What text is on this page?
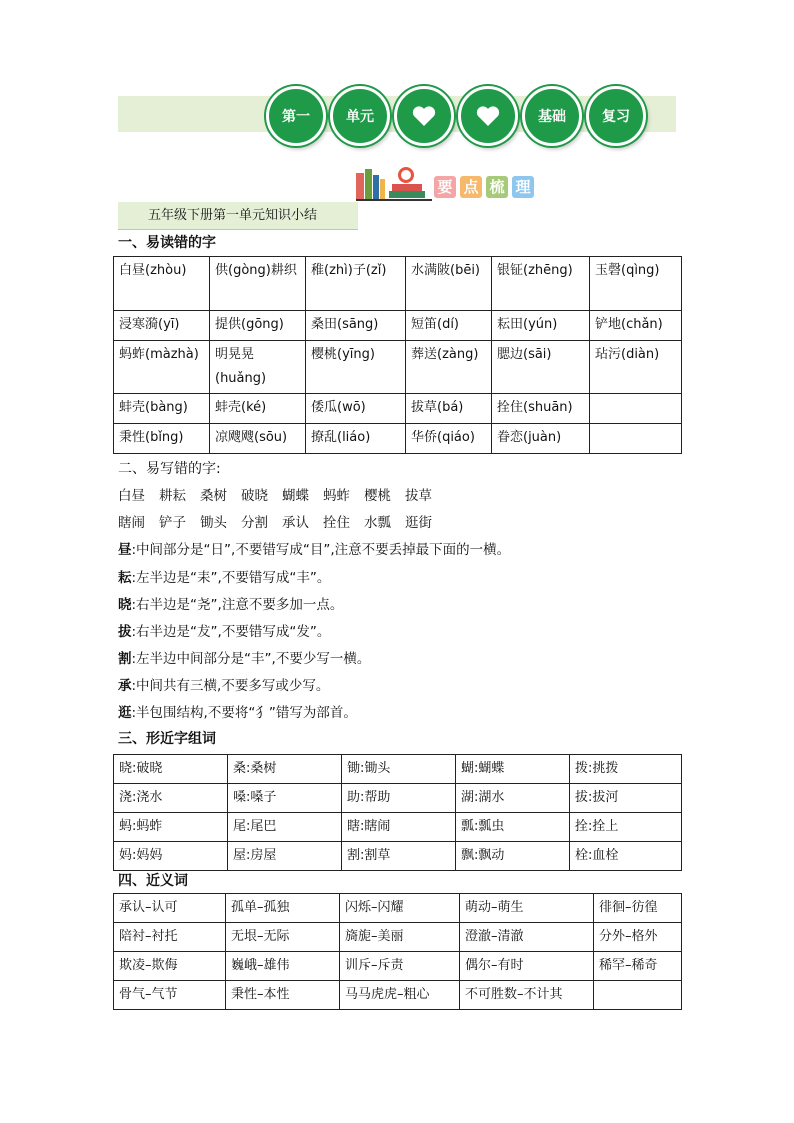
第一	单元	基础	复习
要 点 梳 理
五年级下册第一单元知识小结
一、易读错的字
白昼(zhòu)	供(gòng)耕织	稚(zhì)子(zǐ)	水满陂(bēi)	银钲(zhēng)	玉磬(qìng)
浸寒漪(yī)	提供(gōng)	桑田(sāng)	短笛(dí)	耘田(yún)	铲地(chǎn)
蚂蚱(màzhà)	明晃晃(huǎng)	樱桃(yīng)	葬送(zàng)	腮边(sāi)	玷污(diàn)
蚌壳(bàng)	蚌壳(ké)	倭瓜(wō)	拔草(bá)	拴住(shuān)	
秉性(bǐng)	凉飕飕(sōu)	撩乱(liáo)	华侨(qiáo)	眷恋(juàn)	
二、易写错的字:
白昼 耕耘 桑树 破晓 蝴蝶 蚂蚱 樱桃 拔草
瞎闹 铲子 锄头 分割 承认 拴住 水瓢 逛街
昼:中间部分是“日”,不要错写成“目”,注意不要丢掉最下面的一横。
耘:左半边是“耒”,不要错写成“丰”。
晓:右半边是“尧”,注意不要多加一点。
拔:右半边是“犮”,不要错写成“发”。
割:左半边中间部分是“丰”,不要少写一横。
承:中间共有三横,不要多写或少写。
逛:半包围结构,不要将“犭”错写为部首。
三、形近字组词
晓:破晓	桑:桑树	锄:锄头	蝴:蝴蝶	拨:挑拨
浇:浇水	嗓:嗓子	助:帮助	湖:湖水	拔:拔河
蚂:蚂蚱	尾:尾巴	瞎:瞎闹	瓢:瓢虫	拴:拴上
妈:妈妈	屋:房屋	割:割草	飘:飘动	栓:血栓
四、近义词
承认–认可	孤单–孤独	闪烁–闪耀	萌动–萌生	徘徊–彷徨
陪衬–衬托	无垠–无际	旖旎–美丽	澄澈–清澈	分外–格外
欺凌–欺侮	巍峨–雄伟	训斥–斥责	偶尔–有时	稀罕–稀奇
骨气–气节	秉性–本性	马马虎虎–粗心	不可胜数–不计其	
